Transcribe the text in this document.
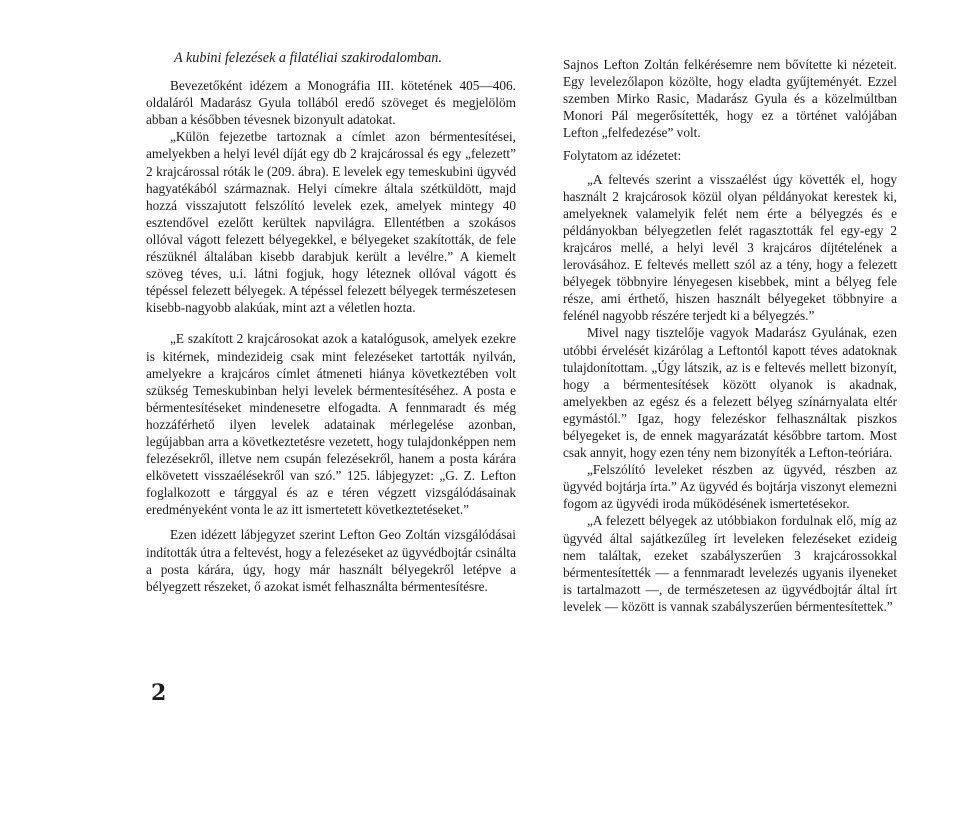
A kubini felezések a filatéliai szakirodalomban.

Bevezetőként idézem a Monográfia III. kötetének 405—406. oldaláról Madarász Gyula tollából eredő szöveget és megjelölöm abban a későbben tévesnek bizonyult adatokat.

„Külön fejezetbe tartoznak a címlet azon bérmentesítései, amelyekben a helyi levél díját egy db 2 krajcárossal és egy „felezett” 2 krajcárossal róták le (209. ábra). E levelek egy temeskubini ügyvéd hagyatékából származnak. Helyi címekre általa szétküldött, majd hozzá visszajutott felszólító levelek ezek, amelyek mintegy 40 esztendővel ezelőtt kerültek napvilágra. Ellentétben a szokásos ollóval vágott felezett bélyegekkel, e bélyegeket szakították, de fele részüknél általában kisebb darabjuk került a levélre.” A kiemelt szöveg téves, u.i. látni fogjuk, hogy léteznek ollóval vágott és tépéssel felezett bélyegek. A tépéssel felezett bélyegek természetesen kisebb-nagyobb alakúak, mint azt a véletlen hozta.

„E szakított 2 krajcárosokat azok a katalógusok, amelyek ezekre is kitérnek, mindezideig csak mint felezéseket tartották nyilván, amelyekre a krajcáros címlet átmeneti hiánya következtében volt szükség Temeskubinban helyi levelek bérmentesítéséhez. A posta e bérmentesítéseket mindenesetre elfogadta. A fennmaradt és még hozzáférhető ilyen levelek adatainak mérlegelése azonban, legújabban arra a következtetésre vezetett, hogy tulajdonképpen nem felezésekről, illetve nem csupán felezésekről, hanem a posta kárára elkövetett visszaélésekről van szó.” 125. lábjegyzet: „G. Z. Lefton foglalkozott e tárggyal és az e téren végzett vizsgálódásainak eredményeként vonta le az itt ismertetett következtetéseket.”

Ezen idézett lábjegyzet szerint Lefton Geo Zoltán vizsgálódásai indították útra a feltevést, hogy a felezéseket az ügyvédbojtár csinálta a posta kárára, úgy, hogy már használt bélyegekről letépve a bélyegzett részeket, ő azokat ismét felhasználta bérmentesítésre.

Sajnos Lefton Zoltán felkérésemre nem bővítette ki nézeteit. Egy levelezőlapon közölte, hogy eladta gyűjteményét. Ezzel szemben Mirko Rasic, Madarász Gyula és a közelmúltban Monori Pál megerősítették, hogy ez a történet valójában Lefton „felfedezése” volt.

Folytatom az idézetet:

„A feltevés szerint a visszaélést úgy követték el, hogy használt 2 krajcárosok közül olyan példányokat kerestek ki, amelyeknek valamelyik felét nem érte a bélyegzés és e példányokban bélyegzetlen felét ragasztották fel egy-egy 2 krajcáros mellé, a helyi levél 3 krajcáros díjtételének a lerovásához. E feltevés mellett szól az a tény, hogy a felezett bélyegek többnyire lényegesen kisebbek, mint a bélyeg fele része, ami érthető, hiszen használt bélyegeket többnyire a felénél nagyobb részére terjedt ki a bélyegzés.”

Mivel nagy tisztelője vagyok Madarász Gyulának, ezen utóbbi érvelését kizárólag a Leftontól kapott téves adatoknak tulajdonítottam. „Úgy látszik, az is e feltevés mellett bizonyít, hogy a bérmentesítések között olyanok is akadnak, amelyekben az egész és a felezett bélyeg színárnyalata eltér egymástól.” Igaz, hogy felezéskor felhasználtak piszkos bélyegeket is, de ennek magyarázatát későbbre tartom. Most csak annyit, hogy ezen tény nem bizonyíték a Lefton-teóriára.

„Felszólító leveleket részben az ügyvéd, részben az ügyvéd bojtárja írta.” Az ügyvéd és bojtárja viszonyt elemezni fogom az ügyvédi iroda működésének ismertetésekor.

„A felezett bélyegek az utóbbiakon fordulnak elő, míg az ügyvéd által sajátkezűleg írt leveleken felezéseket ezideig nem találtak, ezeket szabályszerűen 3 krajcárossokkal bérmentesítették — a fennmaradt levelezés ugyanis ilyeneket is tartalmazott —, de természetesen az ügyvédbojtár által írt levelek — között is vannak szabályszerűen bérmentesítettek.”

2
